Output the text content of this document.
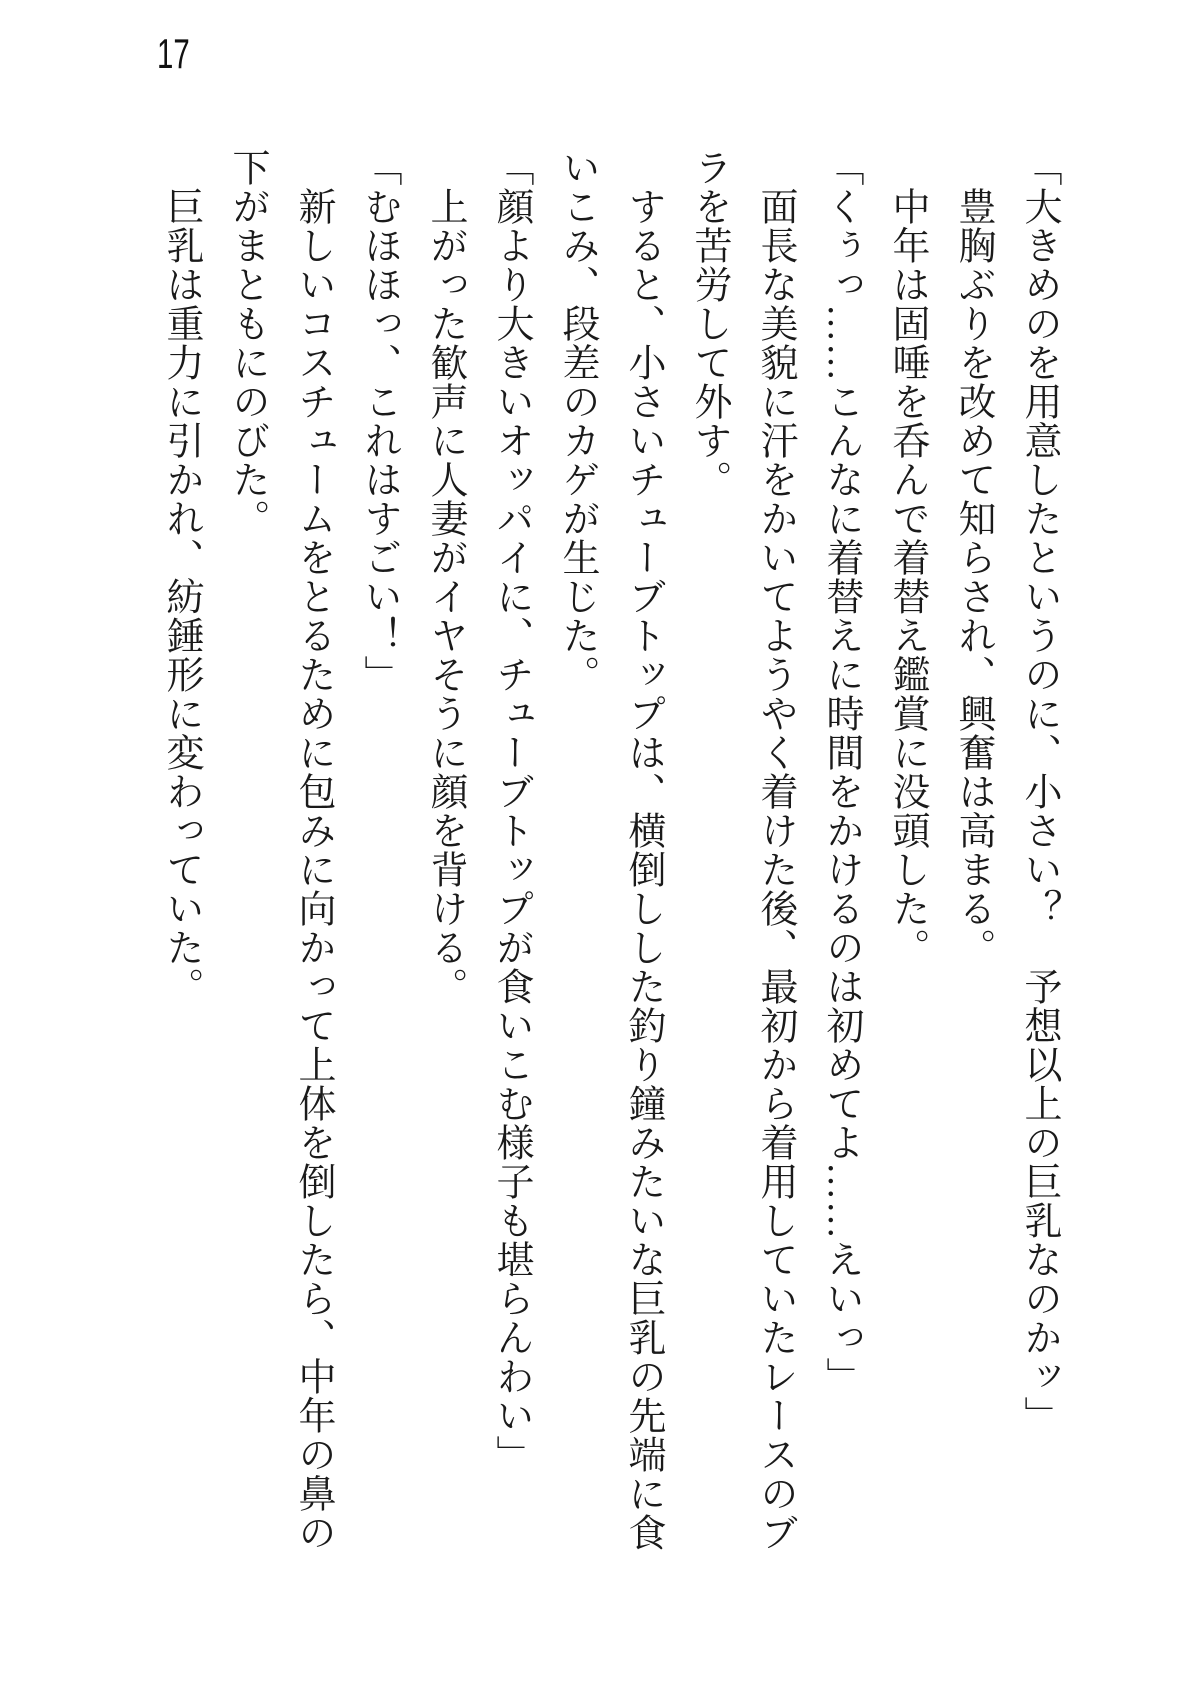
17
「大きめのを用意したというのに、小さい？　予想以上の巨乳なのかッ」
　豊胸ぶりを改めて知らされ、興奮は高まる。
　中年は固唾を呑んで着替え鑑賞に没頭した。
「くぅっ……こんなに着替えに時間をかけるのは初めてよ……えいっ」
　面長な美貌に汗をかいてようやく着けた後、最初から着用していたレースのブ
ラを苦労して外す。
　すると、小さいチューブトップは、横倒しした釣り鐘みたいな巨乳の先端に食
いこみ、段差のカゲが生じた。
「顔より大きいオッパイに、チューブトップが食いこむ様子も堪らんわい」
　上がった歓声に人妻がイヤそうに顔を背ける。
「むほほっ、これはすごい！」
　新しいコスチュームをとるために包みに向かって上体を倒したら、中年の鼻の
下がまともにのびた。
　巨乳は重力に引かれ、紡錘形に変わっていた。
